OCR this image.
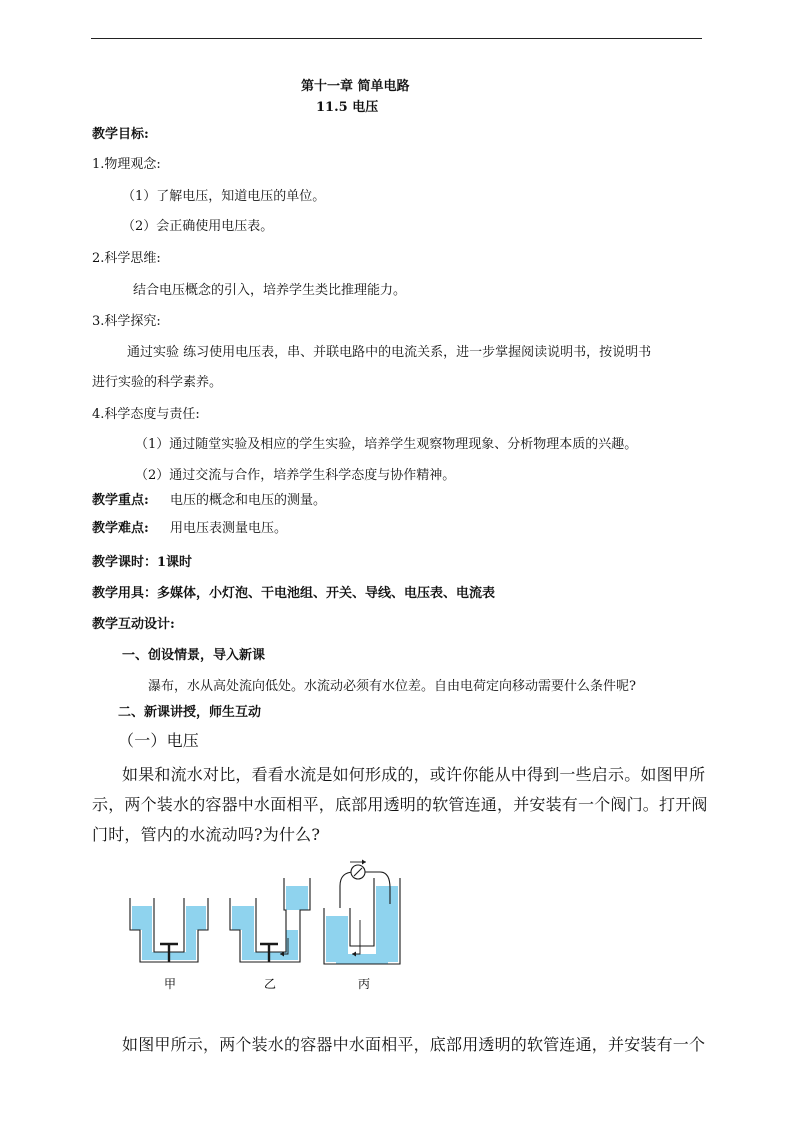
第十一章 简单电路
11.5 电压
教学目标:
1.物理观念:
（1）了解电压，知道电压的单位。
（2）会正确使用电压表。
2.科学思维:
结合电压概念的引入，培养学生类比推理能力。
3.科学探究:
通过实验 练习使用电压表，串、并联电路中的电流关系，进一步掌握阅读说明书，按说明书
进行实验的科学素养。
4.科学态度与责任:
（1）通过随堂实验及相应的学生实验，培养学生观察物理现象、分析物理本质的兴趣。
（2）通过交流与合作，培养学生科学态度与协作精神。
教学重点: 电压的概念和电压的测量。
教学难点: 用电压表测量电压。
教学课时：1课时
教学用具：多媒体，小灯泡、干电池组、开关、导线、电压表、电流表
教学互动设计:
一、创设情景，导入新课
瀑布，水从高处流向低处。水流动必须有水位差。自由电荷定向移动需要什么条件呢?
二、新课讲授，师生互动
（一）电压
如果和流水对比，看看水流是如何形成的，或许你能从中得到一些启示。如图甲所
示，两个装水的容器中水面相平，底部用透明的软管连通，并安装有一个阀门。打开阀
门时，管内的水流动吗?为什么?
甲	乙	丙
如图甲所示，两个装水的容器中水面相平，底部用透明的软管连通，并安装有一个
